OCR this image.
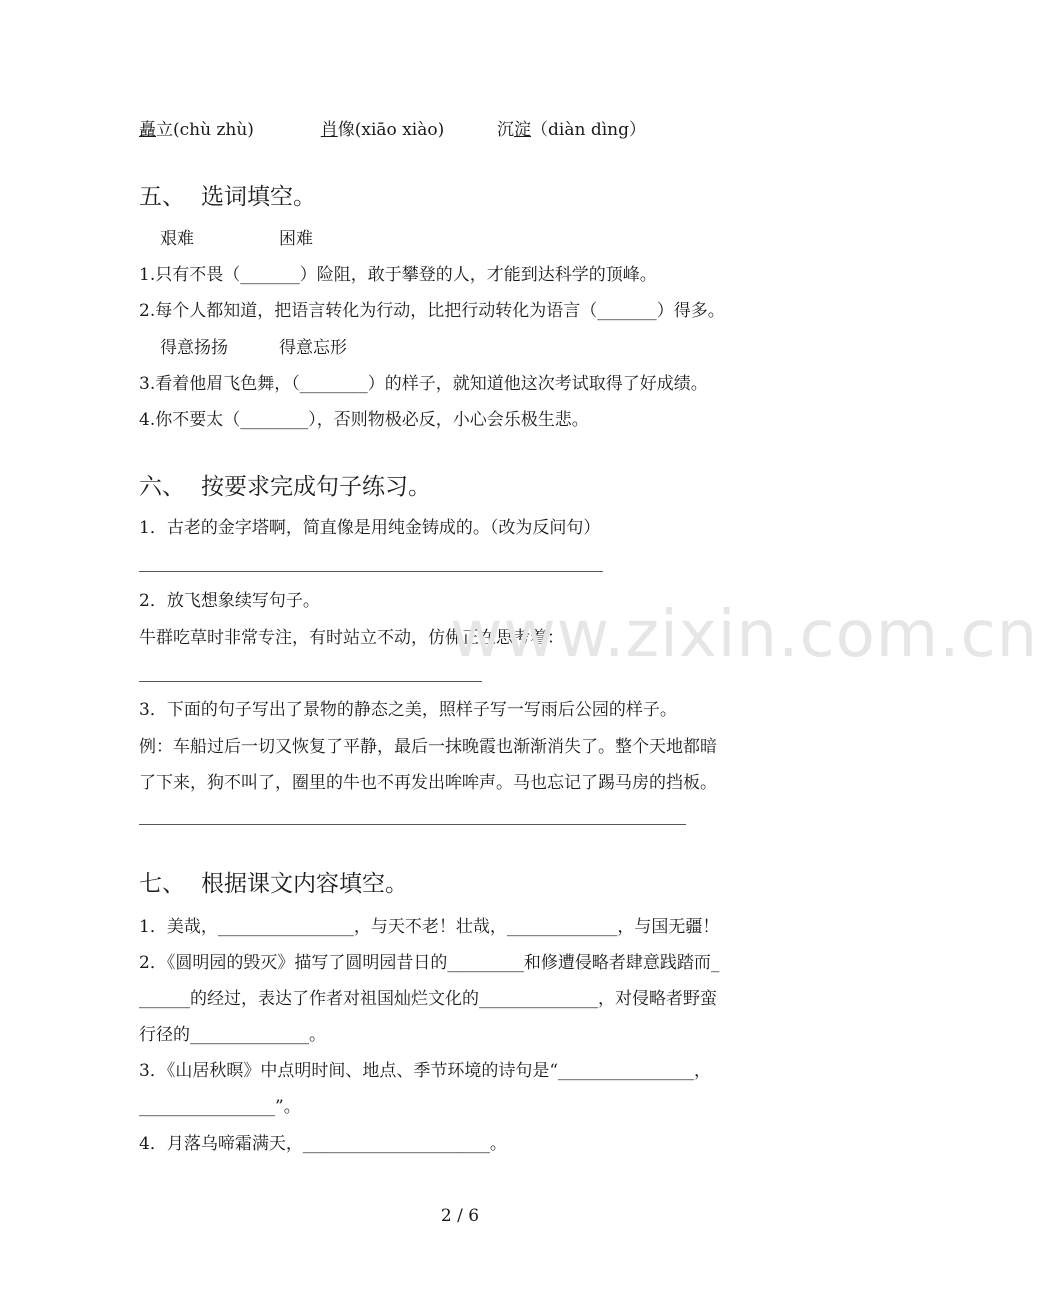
矗立(chù zhù)	肖像(xiāo xiào)	沉淀（diàn dìng）
五、 选词填空。
艰难	困难
1.只有不畏（_______）险阻，敢于攀登的人，才能到达科学的顶峰。
2.每个人都知道，把语言转化为行动，比把行动转化为语言（_______）得多。
得意扬扬	得意忘形
3.看着他眉飞色舞，（________）的样子，就知道他这次考试取得了好成绩。
4.你不要太（________），否则物极必反，小心会乐极生悲。
六、 按要求完成句子练习。
1．古老的金字塔啊，简直像是用纯金铸成的。（改为反问句）
2．放飞想象续写句子。
牛群吃草时非常专注，有时站立不动，仿佛正在思考着：
3．下面的句子写出了景物的静态之美，照样子写一写雨后公园的样子。
例：车船过后一切又恢复了平静，最后一抹晚霞也渐渐消失了。整个天地都暗
了下来，狗不叫了，圈里的牛也不再发出哞哞声。马也忘记了踢马房的挡板。
七、 根据课文内容填空。
1．美哉，________________，与天不老！壮哉，_____________，与国无疆！
2．《圆明园的毁灭》描写了圆明园昔日的_________和修遭侵略者肆意践踏而_
______的经过，表达了作者对祖国灿烂文化的______________，对侵略者野蛮
行径的______________。
3．《山居秋暝》中点明时间、地点、季节环境的诗句是“________________，
________________”。
4．月落乌啼霜满天，______________________。
www.zixin.com.cn
2 / 6
